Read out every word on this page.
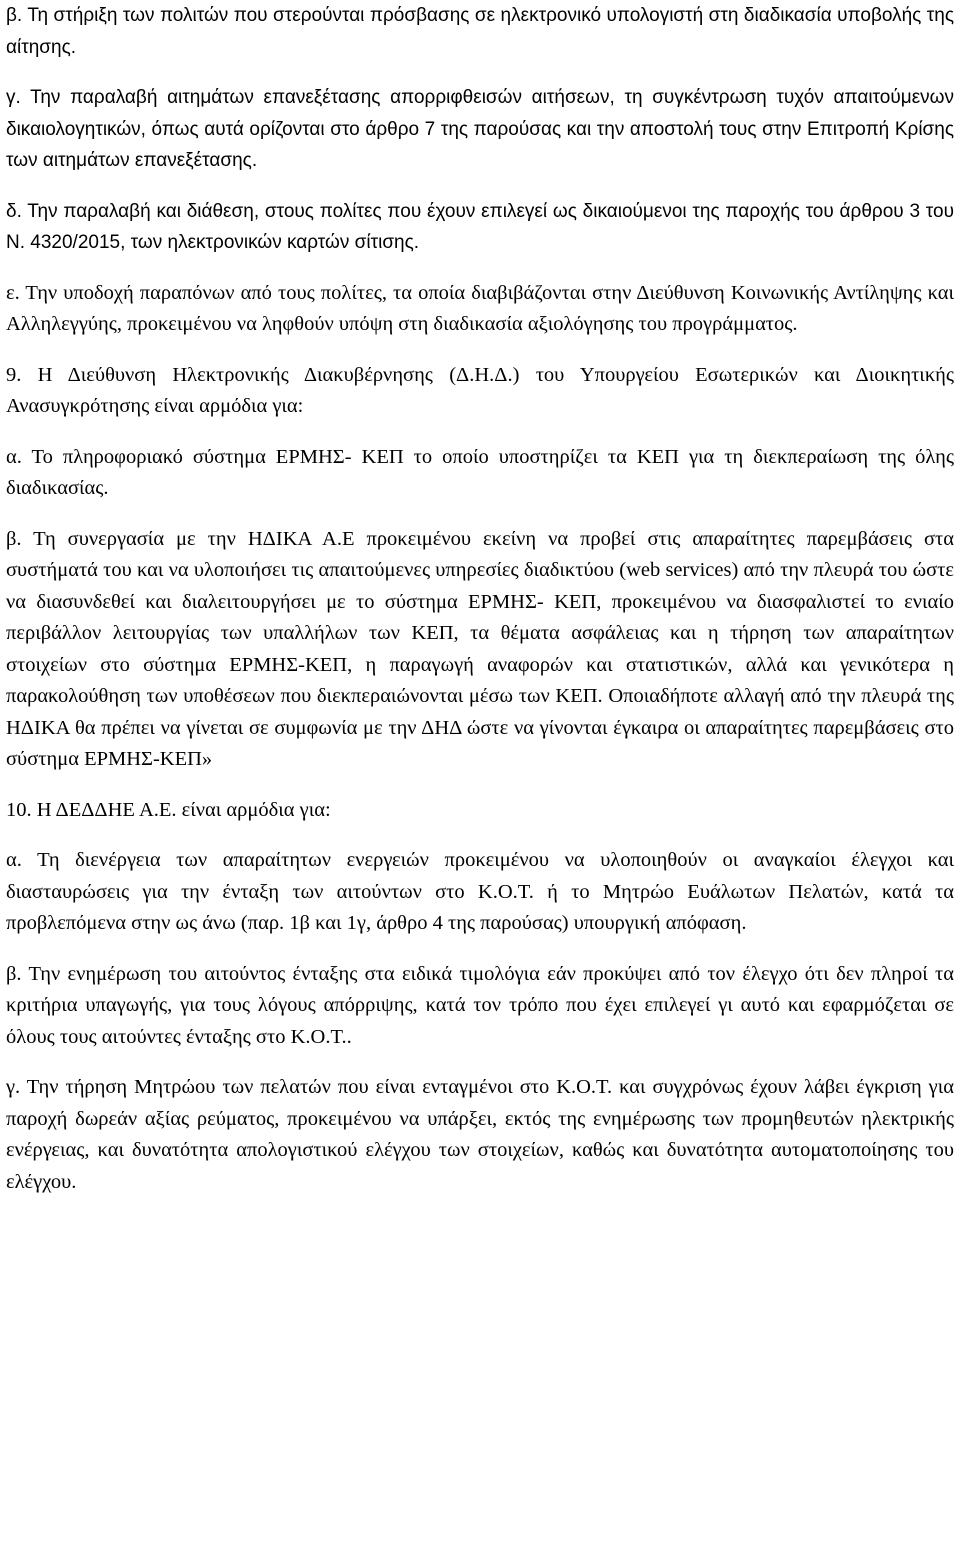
β. Τη στήριξη των πολιτών που στερούνται πρόσβασης σε ηλεκτρονικό υπολογιστή στη διαδικασία υποβολής της αίτησης.

γ. Την παραλαβή αιτημάτων επανεξέτασης απορριφθεισών αιτήσεων, τη συγκέντρωση τυχόν απαιτούμενων δικαιολογητικών, όπως αυτά ορίζονται στο άρθρο 7 της παρούσας και την αποστολή τους στην Επιτροπή Κρίσης των αιτημάτων επανεξέτασης.

δ. Την παραλαβή και διάθεση, στους πολίτες που έχουν επιλεγεί ως δικαιούμενοι της παροχής του άρθρου 3 του Ν. 4320/2015, των ηλεκτρονικών καρτών σίτισης.

ε. Την υποδοχή παραπόνων από τους πολίτες, τα οποία διαβιβάζονται στην Διεύθυνση Κοινωνικής Αντίληψης και Αλληλεγγύης, προκειμένου να ληφθούν υπόψη στη διαδικασία αξιολόγησης του προγράμματος.

9. Η Διεύθυνση Ηλεκτρονικής Διακυβέρνησης (Δ.Η.Δ.) του Υπουργείου Εσωτερικών και Διοικητικής Ανασυγκρότησης είναι αρμόδια για:

α. Το πληροφοριακό σύστημα ΕΡΜΗΣ- ΚΕΠ το οποίο υποστηρίζει τα ΚΕΠ για τη διεκπεραίωση της όλης διαδικασίας.

β. Τη συνεργασία με την ΗΔΙΚΑ Α.Ε προκειμένου εκείνη να προβεί στις απαραίτητες παρεμβάσεις στα συστήματά του και να υλοποιήσει τις απαιτούμενες υπηρεσίες διαδικτύου (web services) από την πλευρά του ώστε να διασυνδεθεί και διαλειτουργήσει με το σύστημα ΕΡΜΗΣ- ΚΕΠ, προκειμένου να διασφαλιστεί το ενιαίο περιβάλλον λειτουργίας των υπαλλήλων των ΚΕΠ, τα θέματα ασφάλειας και η τήρηση των απαραίτητων στοιχείων στο σύστημα ΕΡΜΗΣ-ΚΕΠ, η παραγωγή αναφορών και στατιστικών, αλλά και γενικότερα η παρακολούθηση των υποθέσεων που διεκπεραιώνονται μέσω των ΚΕΠ. Οποιαδήποτε αλλαγή από την πλευρά της ΗΔΙΚΑ θα πρέπει να γίνεται σε συμφωνία με την ΔΗΔ ώστε να γίνονται έγκαιρα οι απαραίτητες παρεμβάσεις στο σύστημα ΕΡΜΗΣ-ΚΕΠ»

10. Η ΔΕΔΔΗΕ Α.Ε. είναι αρμόδια για:

α. Τη διενέργεια των απαραίτητων ενεργειών προκειμένου να υλοποιηθούν οι αναγκαίοι έλεγχοι και διασταυρώσεις για την ένταξη των αιτούντων στο Κ.Ο.Τ. ή το Μητρώο Ευάλωτων Πελατών, κατά τα προβλεπόμενα στην ως άνω (παρ. 1β και 1γ, άρθρο 4 της παρούσας) υπουργική απόφαση.

β. Την ενημέρωση του αιτούντος ένταξης στα ειδικά τιμολόγια εάν προκύψει από τον έλεγχο ότι δεν πληροί τα κριτήρια υπαγωγής, για τους λόγους απόρριψης, κατά τον τρόπο που έχει επιλεγεί γι αυτό και εφαρμόζεται σε όλους τους αιτούντες ένταξης στο Κ.Ο.Τ..

γ. Την τήρηση Μητρώου των πελατών που είναι ενταγμένοι στο Κ.Ο.Τ. και συγχρόνως έχουν λάβει έγκριση για παροχή δωρεάν αξίας ρεύματος, προκειμένου να υπάρξει, εκτός της ενημέρωσης των προμηθευτών ηλεκτρικής ενέργειας, και δυνατότητα απολογιστικού ελέγχου των στοιχείων, καθώς και δυνατότητα αυτοματοποίησης του ελέγχου.
